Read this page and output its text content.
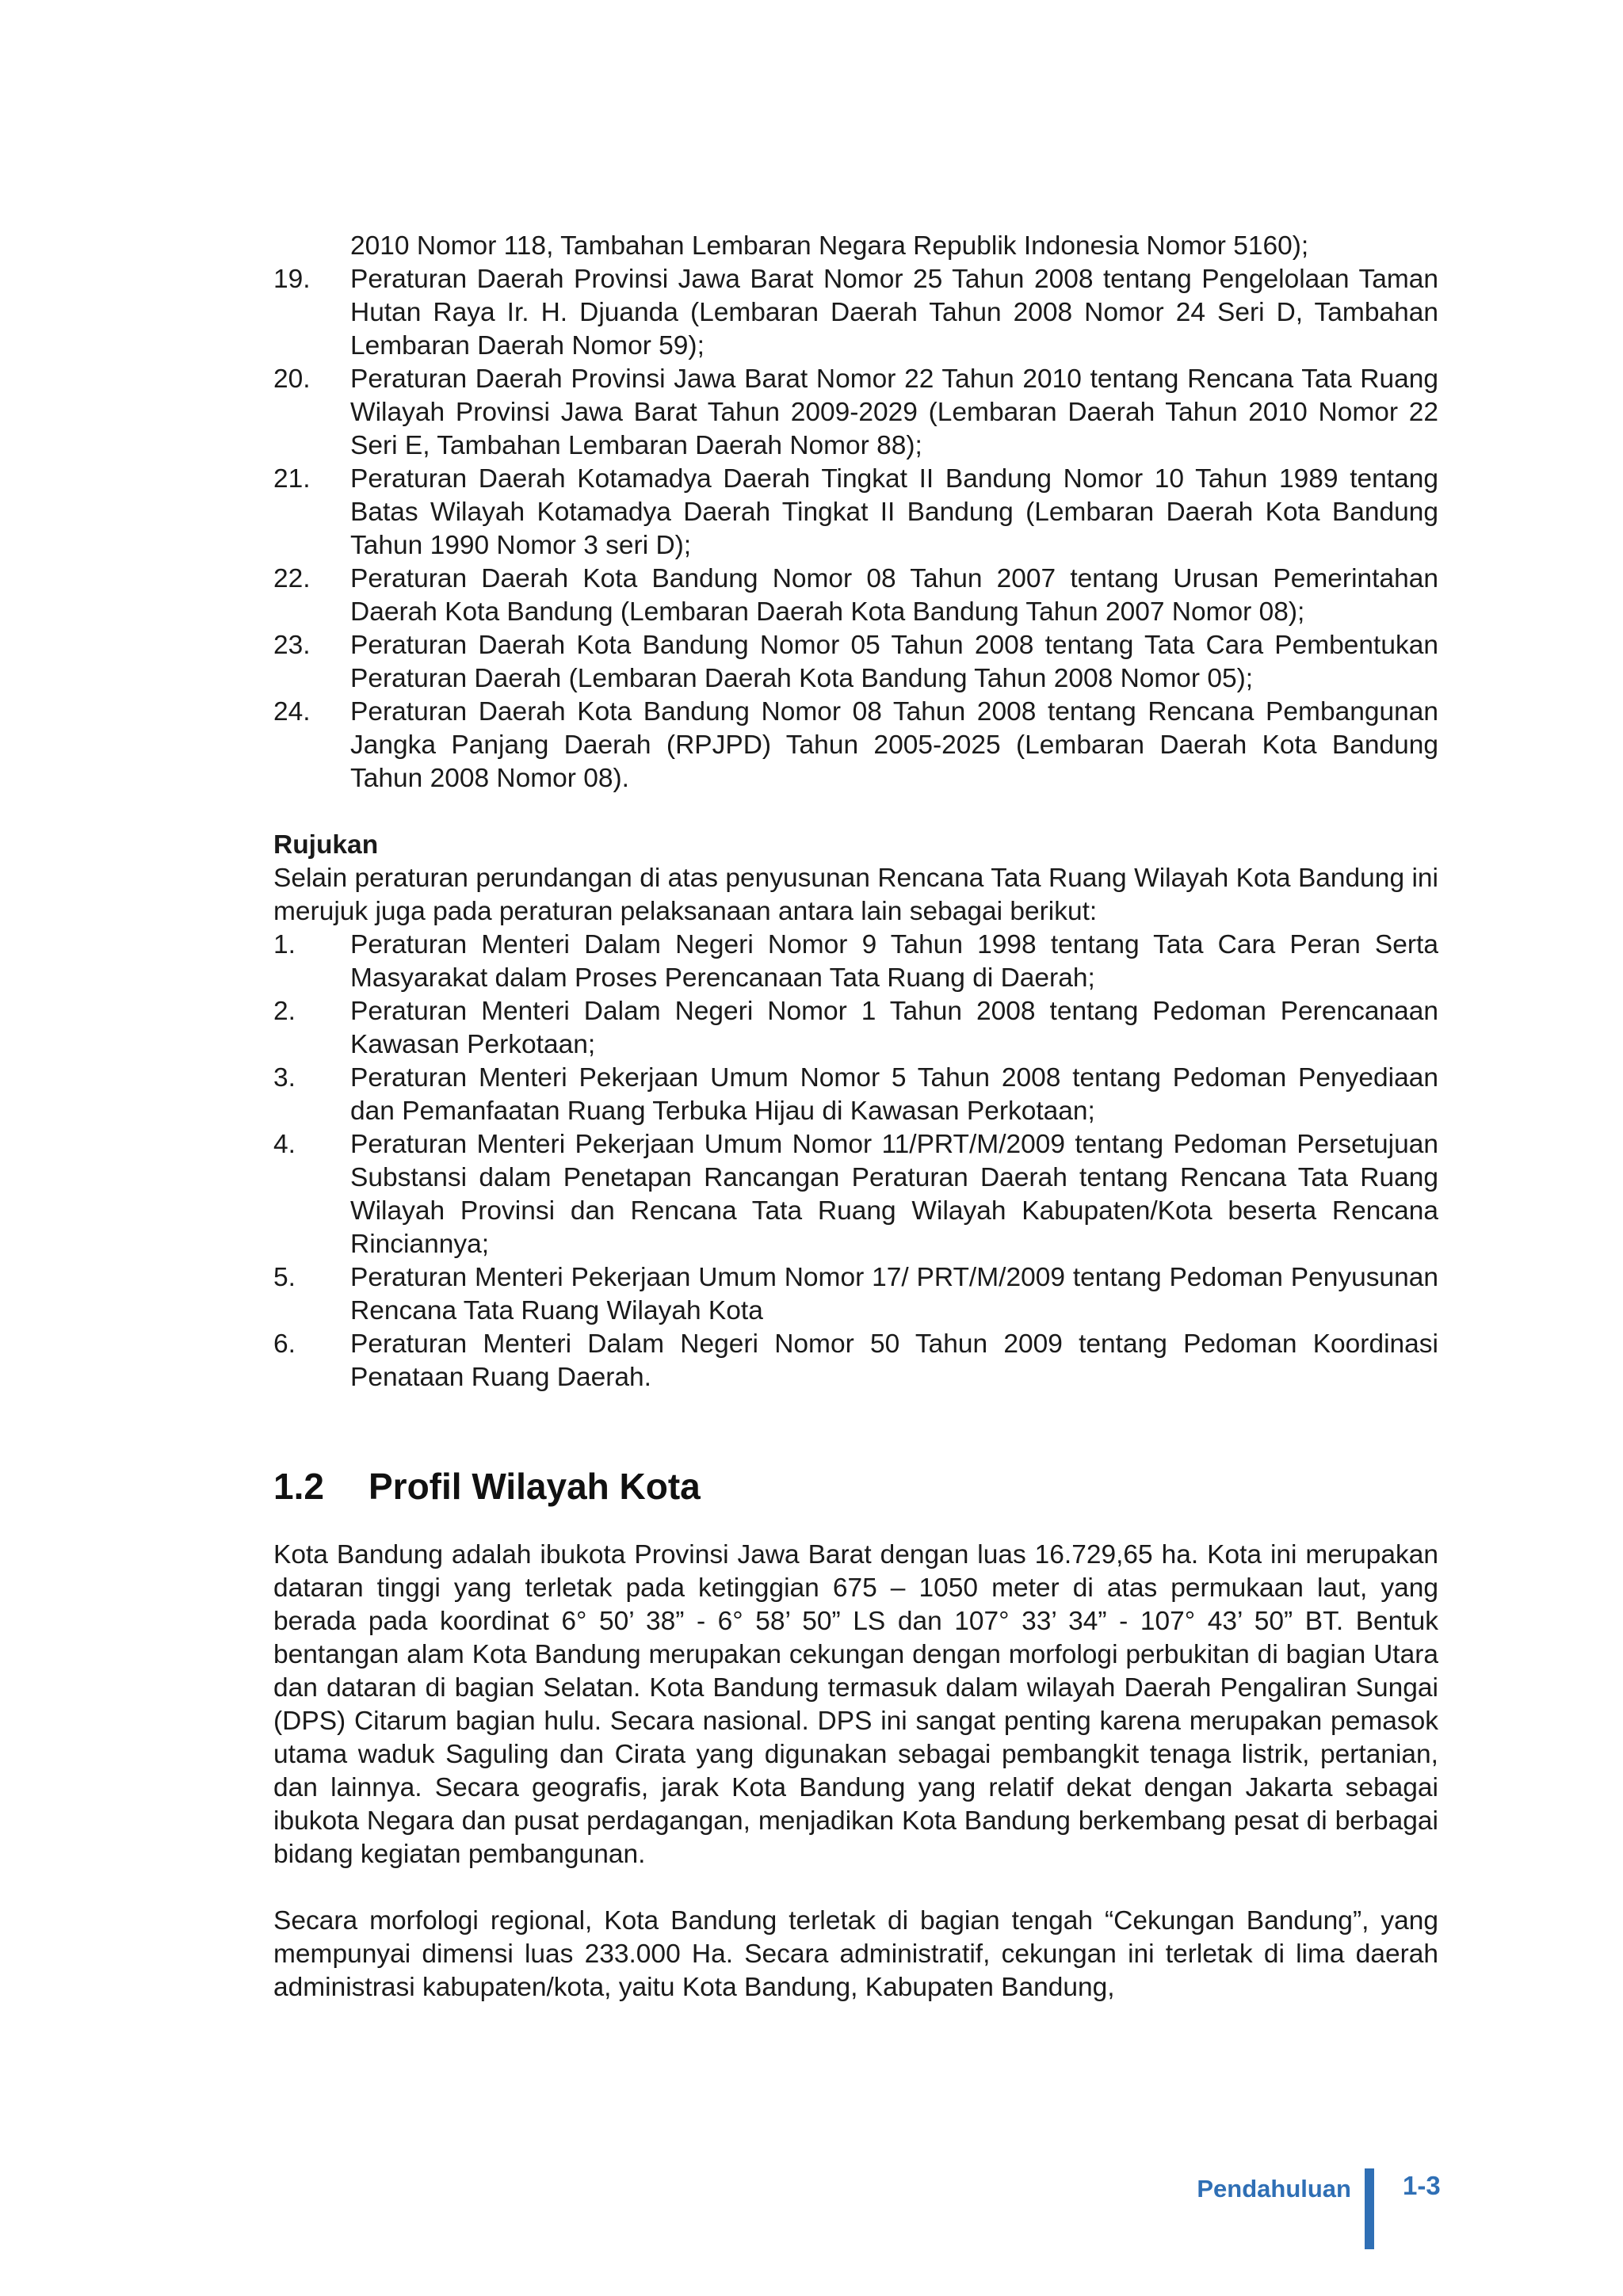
2010 Nomor 118, Tambahan Lembaran Negara Republik Indonesia Nomor 5160);
19.	Peraturan Daerah Provinsi Jawa Barat Nomor 25 Tahun 2008 tentang Pengelolaan Taman Hutan Raya Ir. H. Djuanda (Lembaran Daerah Tahun 2008 Nomor 24 Seri D, Tambahan Lembaran Daerah Nomor 59);
20.	Peraturan Daerah Provinsi Jawa Barat Nomor 22 Tahun 2010 tentang Rencana Tata Ruang Wilayah Provinsi Jawa Barat Tahun 2009-2029 (Lembaran Daerah Tahun 2010 Nomor 22 Seri E, Tambahan Lembaran Daerah Nomor 88);
21.	Peraturan Daerah Kotamadya Daerah Tingkat II Bandung Nomor 10 Tahun 1989 tentang Batas Wilayah Kotamadya Daerah Tingkat II Bandung (Lembaran Daerah Kota Bandung Tahun 1990 Nomor 3 seri D);
22.	Peraturan Daerah Kota Bandung Nomor 08 Tahun 2007 tentang Urusan Pemerintahan Daerah Kota Bandung (Lembaran Daerah Kota Bandung Tahun 2007 Nomor 08);
23.	Peraturan Daerah Kota Bandung Nomor 05 Tahun 2008 tentang Tata Cara Pembentukan Peraturan Daerah (Lembaran Daerah Kota Bandung Tahun 2008 Nomor 05);
24.	Peraturan Daerah Kota Bandung Nomor 08 Tahun 2008 tentang Rencana Pembangunan Jangka Panjang Daerah (RPJPD) Tahun 2005-2025 (Lembaran Daerah Kota Bandung Tahun 2008 Nomor 08).
Rujukan
Selain peraturan perundangan di atas penyusunan Rencana Tata Ruang Wilayah Kota Bandung ini merujuk juga pada peraturan pelaksanaan antara lain sebagai berikut:
1.	Peraturan Menteri Dalam Negeri Nomor 9 Tahun 1998 tentang Tata Cara Peran Serta Masyarakat dalam Proses Perencanaan Tata Ruang di Daerah;
2.	Peraturan Menteri Dalam Negeri Nomor 1 Tahun 2008 tentang Pedoman Perencanaan Kawasan Perkotaan;
3.	Peraturan Menteri Pekerjaan Umum Nomor 5 Tahun 2008 tentang Pedoman Penyediaan dan Pemanfaatan Ruang Terbuka Hijau di Kawasan Perkotaan;
4.	Peraturan Menteri Pekerjaan Umum Nomor 11/PRT/M/2009 tentang Pedoman Persetujuan Substansi dalam Penetapan Rancangan Peraturan Daerah tentang Rencana Tata Ruang Wilayah Provinsi dan Rencana Tata Ruang Wilayah Kabupaten/Kota beserta Rencana Rinciannya;
5.	Peraturan Menteri Pekerjaan Umum Nomor 17/ PRT/M/2009 tentang Pedoman Penyusunan Rencana Tata Ruang Wilayah Kota
6.	Peraturan Menteri Dalam Negeri Nomor 50 Tahun 2009 tentang Pedoman Koordinasi Penataan Ruang Daerah.
1.2	Profil Wilayah Kota
Kota Bandung adalah ibukota Provinsi Jawa Barat dengan luas 16.729,65 ha. Kota ini merupakan dataran tinggi yang terletak pada ketinggian 675 – 1050 meter di atas permukaan laut, yang berada pada koordinat 6° 50’ 38” - 6° 58’ 50” LS dan 107° 33’ 34” - 107° 43’ 50” BT. Bentuk bentangan alam Kota Bandung merupakan cekungan dengan morfologi perbukitan di bagian Utara dan dataran di bagian Selatan. Kota Bandung termasuk dalam wilayah Daerah Pengaliran Sungai (DPS) Citarum bagian hulu. Secara nasional. DPS ini sangat penting karena merupakan pemasok utama waduk Saguling dan Cirata yang digunakan sebagai pembangkit tenaga listrik, pertanian, dan lainnya. Secara geografis, jarak Kota Bandung yang relatif dekat dengan Jakarta sebagai ibukota Negara dan pusat perdagangan, menjadikan Kota Bandung berkembang pesat di berbagai bidang kegiatan pembangunan.
Secara morfologi regional, Kota Bandung terletak di bagian tengah “Cekungan Bandung”, yang mempunyai dimensi luas 233.000 Ha. Secara administratif, cekungan ini terletak di lima daerah administrasi kabupaten/kota, yaitu Kota Bandung, Kabupaten Bandung,
Pendahuluan 1-3
